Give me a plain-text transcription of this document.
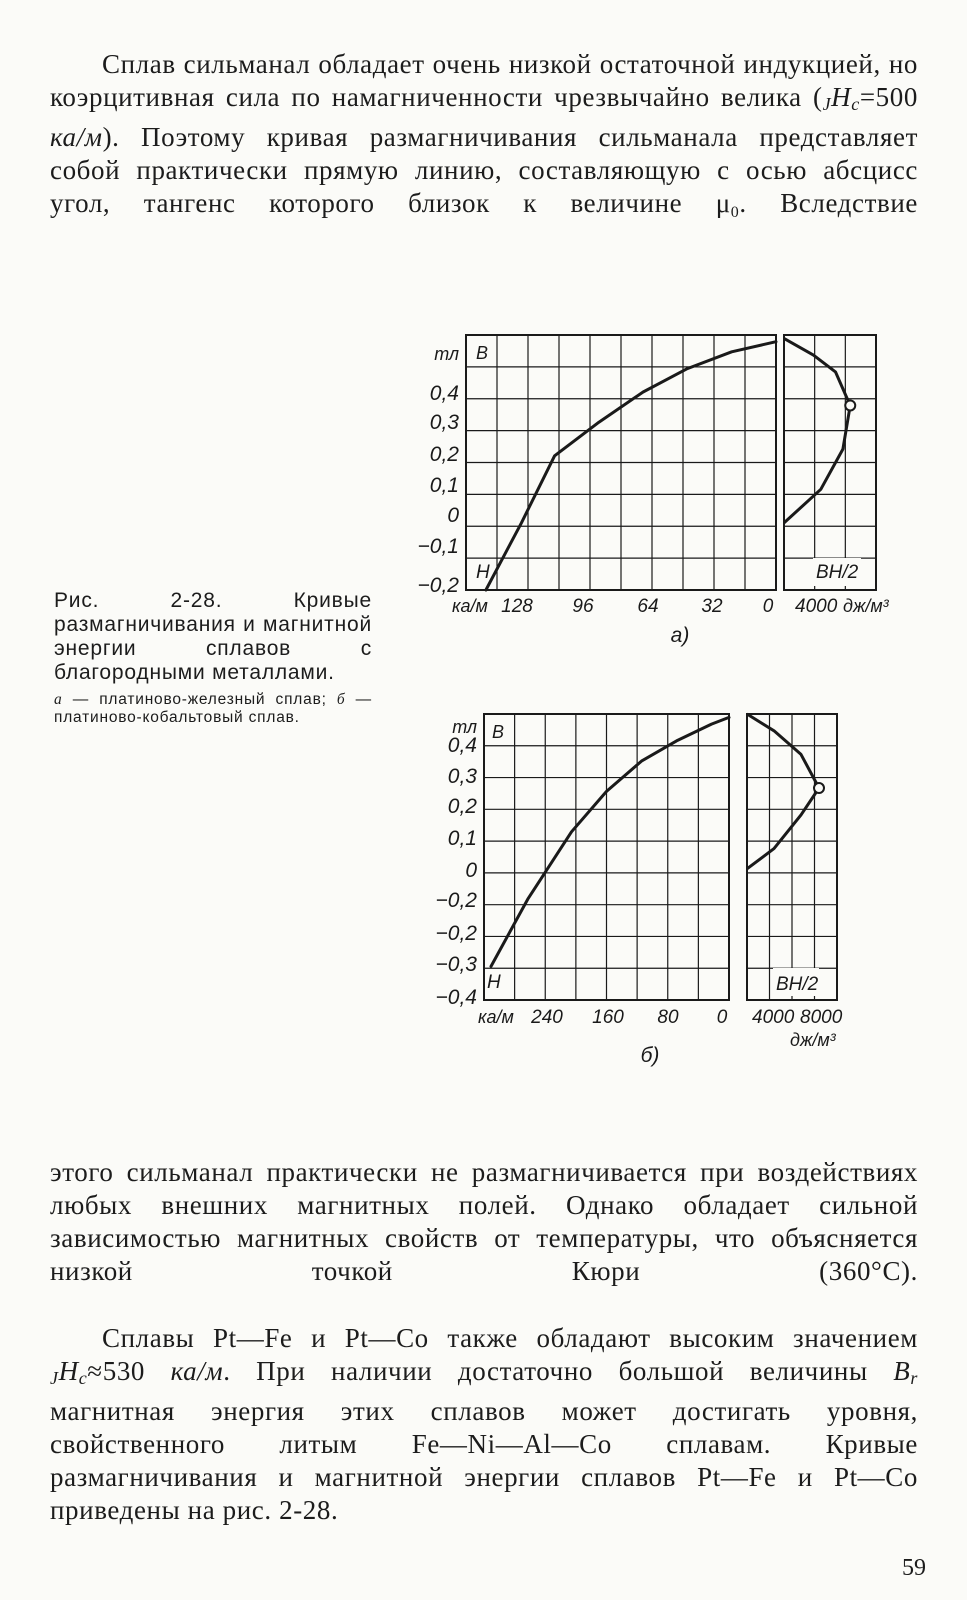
Сплав сильманал обладает очень низкой остаточной индукцией, но коэрцитивная сила по намагниченности чрезвычайно велика ($_JH_c=500$ ка/м). Поэтому кривая размагничивания сильманала представляет собой практически прямую линию, составляющую с осью абсцисс угол, тангенс которого близок к величине μ0. Вследствие

Рис. 2-28. Кривые размагничивания и магнитной энергии сплавов с благородными металлами.

а — платиново-железный сплав; б — платиново-кобальтовый сплав.

0,4
0,3
0,2
0,1
0
−0,1
−0,2
тл B
H
ка/м 128 96 64 32 0
а)
BH/2
4000 дж/м³
0,4
0,3
0,2
0,1
0
−0,2
−0,2
−0,3
−0,4
тл B
H
ка/м 240 160 80 0
б)
BH/2
4000 8000
дж/м³

этого сильманал практически не размагничивается при воздействиях любых внешних магнитных полей. Однако обладает сильной зависимостью магнитных свойств от температуры, что объясняется низкой точкой Кюри (360°C).

Сплавы Pt—Fe и Pt—Co также обладают высоким значением $_JH_c\approx 530$ ка/м. При наличии достаточно большой величины $B_r$ магнитная энергия этих сплавов может достигать уровня, свойственного литым Fe—Ni—Al—Co сплавам. Кривые размагничивания и магнитной энергии сплавов Pt—Fe и Pt—Co приведены на рис. 2-28.

59
